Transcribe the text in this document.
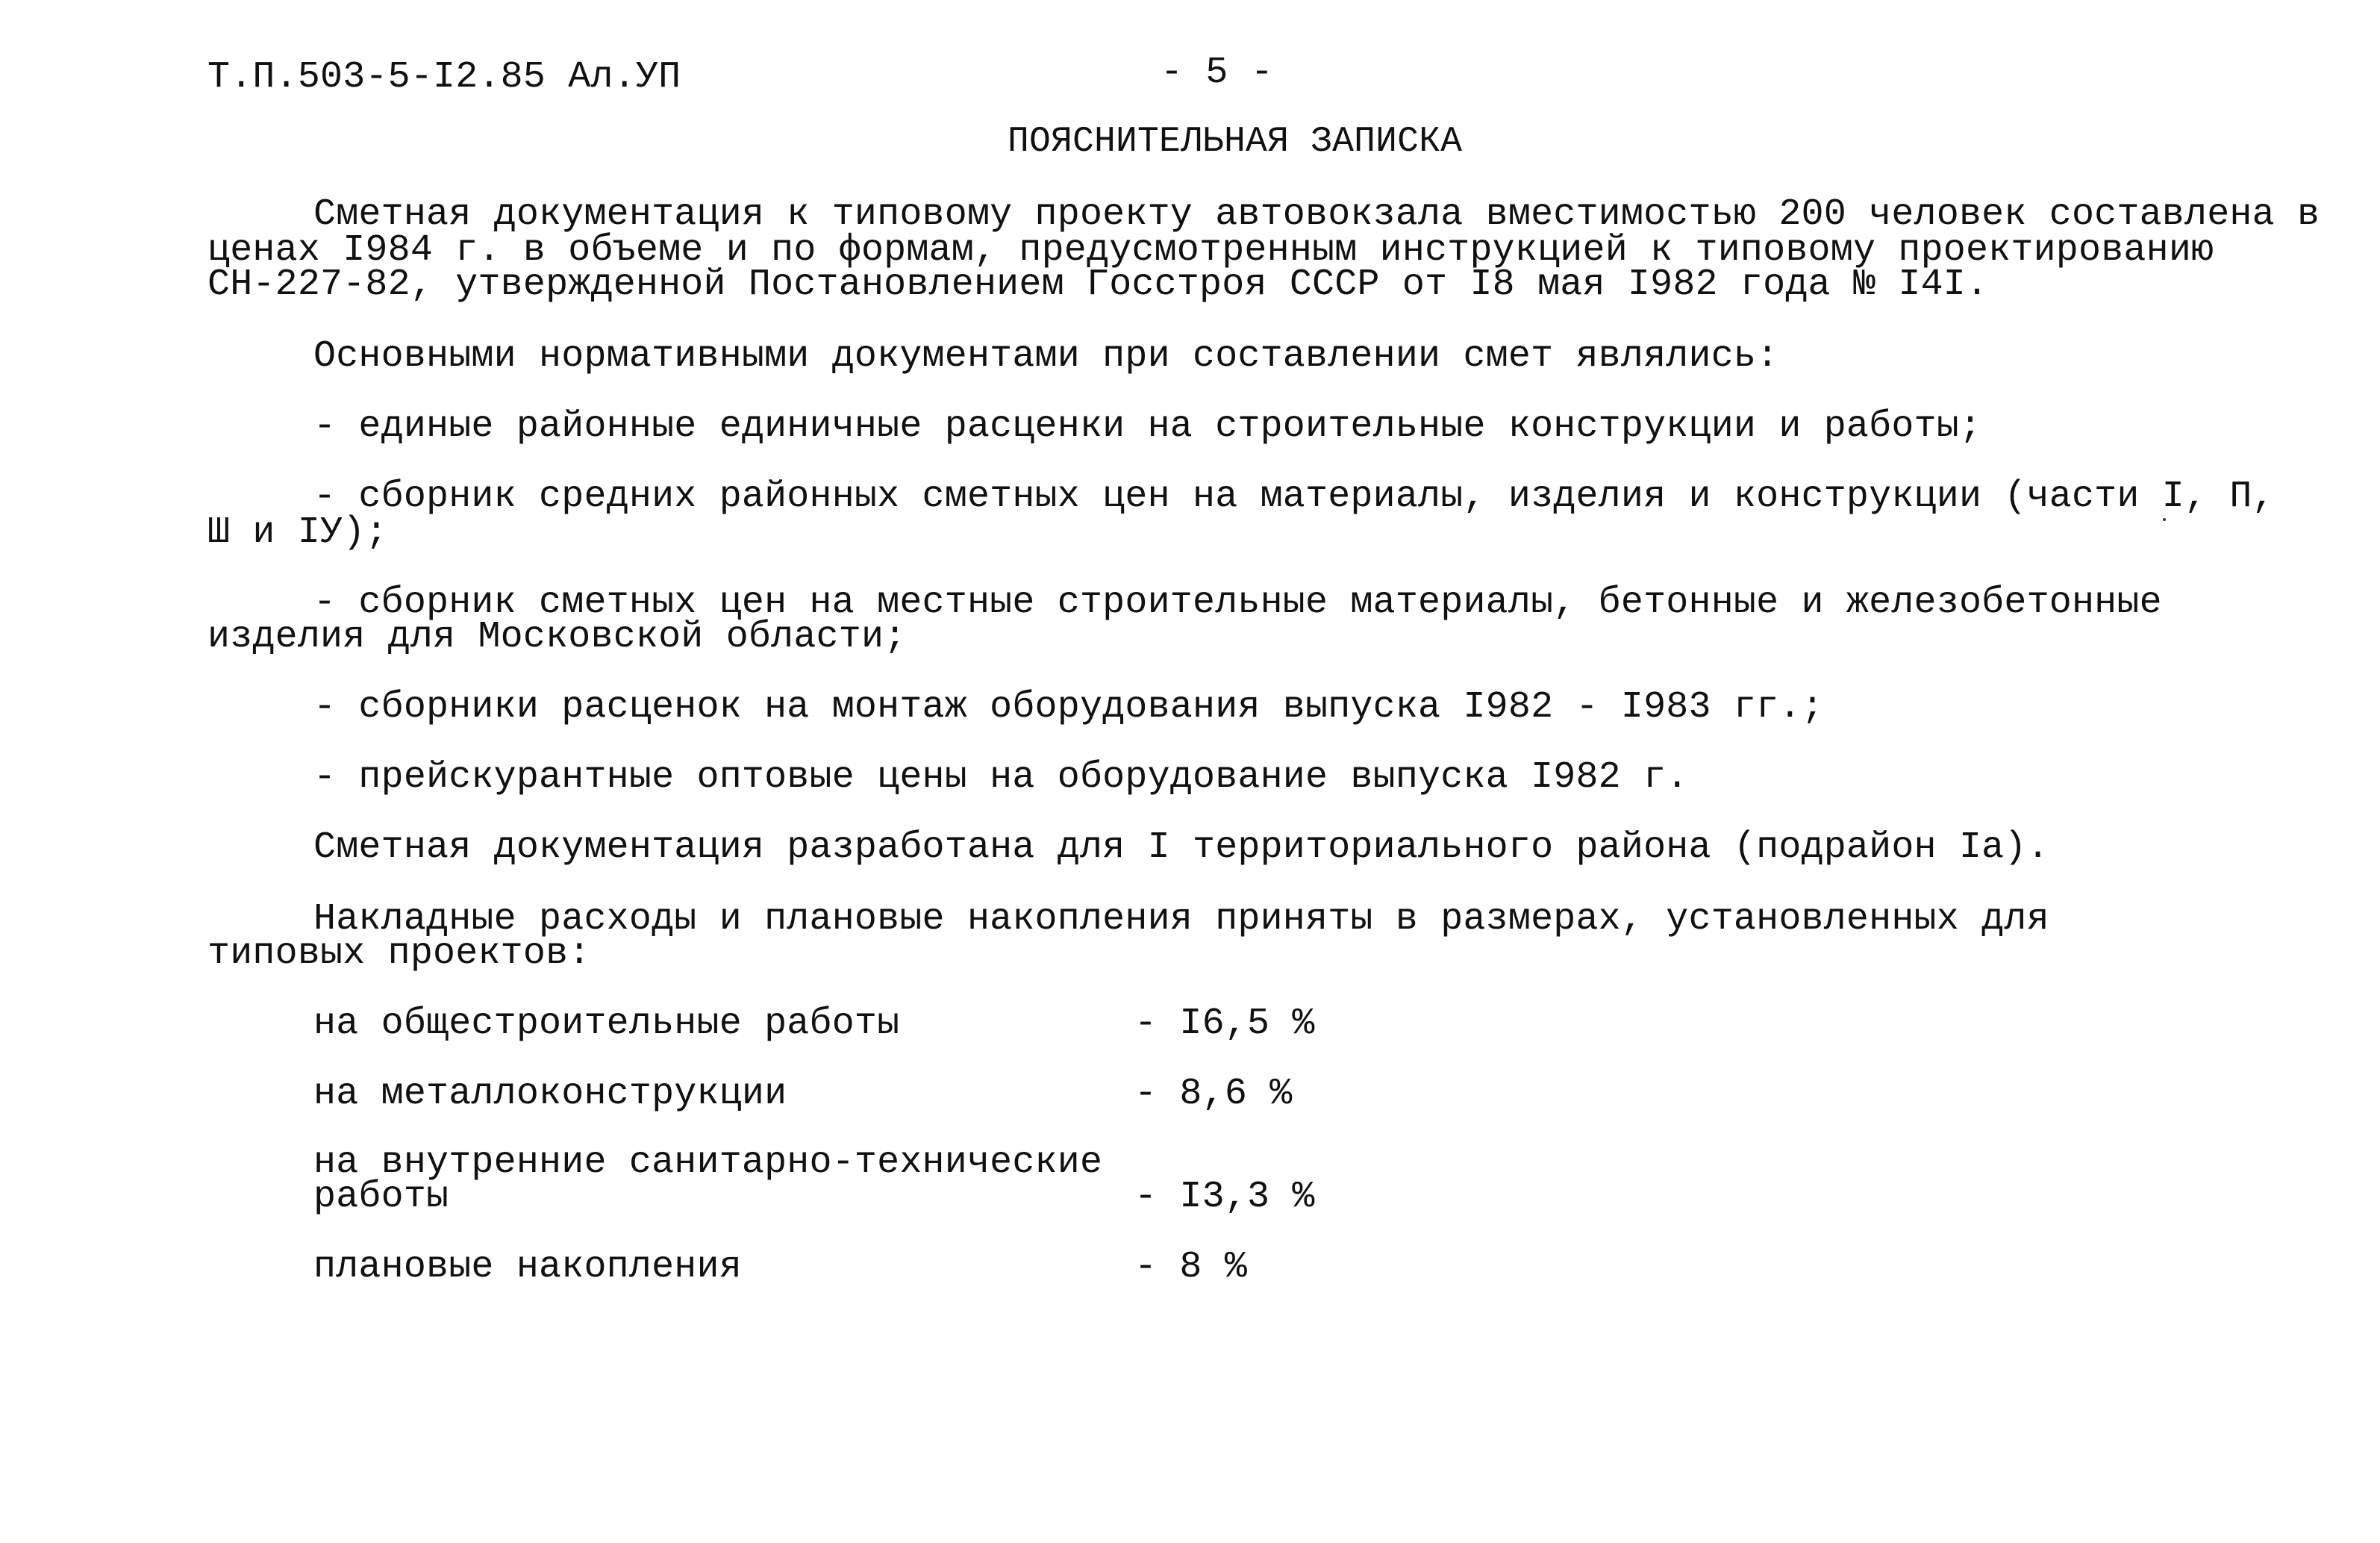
Т.П.503-5-I2.85 Ал.УП	- 5 -
ПОЯСНИТЕЛЬНАЯ ЗАПИСКА
Сметная документация к типовому проекту автовокзала вместимостью 200 человек составлена в
ценах I984 г. в объеме и по формам, предусмотренным инструкцией к типовому проектированию
СН-227-82, утвержденной Постановлением Госстроя СССР от I8 мая I982 года № I4I.
Основными нормативными документами при составлении смет являлись:
- единые районные единичные расценки на строительные конструкции и работы;
- сборник средних районных сметных цен на материалы, изделия и конструкции (части I, П,
Ш и IУ);
- сборник сметных цен на местные строительные материалы, бетонные и железобетонные
изделия для Московской области;
- сборники расценок на монтаж оборудования выпуска I982 - I983 гг.;
- прейскурантные оптовые цены на оборудование выпуска I982 г.
Сметная документация разработана для I территориального района (подрайон Iа).
Накладные расходы и плановые накопления приняты в размерах, установленных для
типовых проектов:
на общестроительные работы	- I6,5 %
на металлоконструкции	- 8,6 %
на внутренние санитарно-технические
работы	- I3,3 %
плановые накопления	- 8 %
